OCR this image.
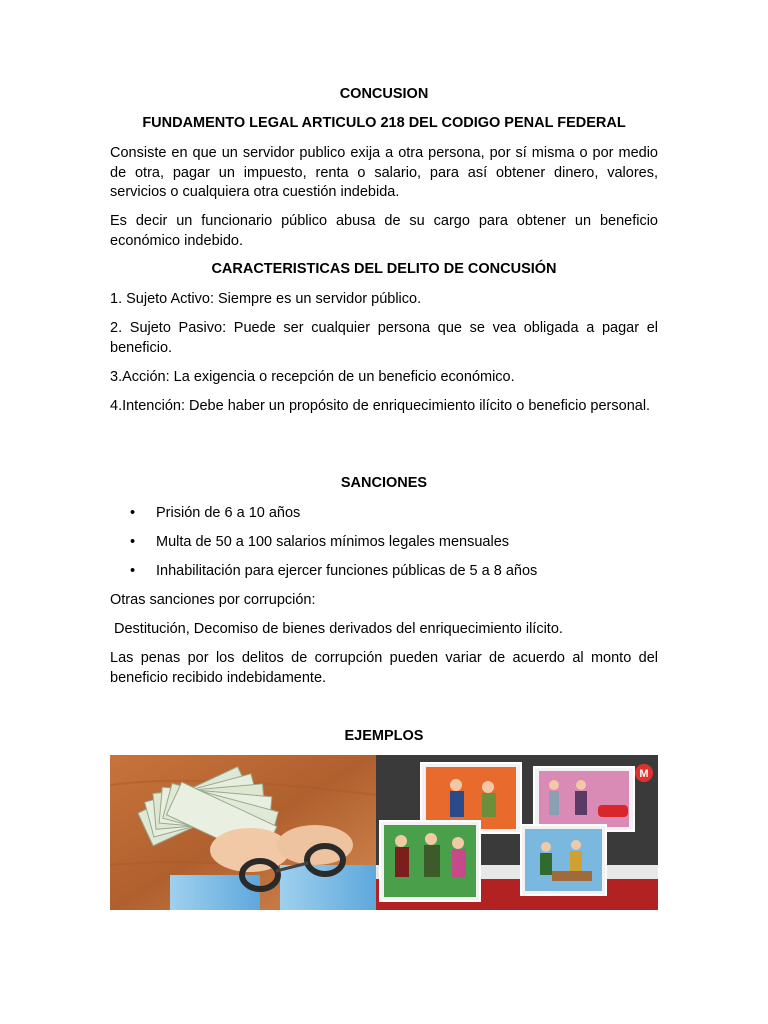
CONCUSION

FUNDAMENTO LEGAL ARTICULO 218 DEL CODIGO PENAL FEDERAL

Consiste en que un servidor publico exija a otra persona, por sí misma o por medio de otra, pagar un impuesto, renta o salario, para así obtener dinero, valores, servicios o cualquiera otra cuestión indebida.

Es decir un funcionario público abusa de su cargo para obtener un beneficio económico indebido.

CARACTERISTICAS DEL DELITO DE CONCUSIÓN

1. Sujeto Activo: Siempre es un servidor público.

2. Sujeto Pasivo: Puede ser cualquier persona que se vea obligada a pagar el beneficio.

3.Acción: La exigencia o recepción de un beneficio económico.

4.Intención: Debe haber un propósito de enriquecimiento ilícito o beneficio personal.

SANCIONES

• Prisión de 6 a 10 años
• Multa de 50 a 100 salarios mínimos legales mensuales
• Inhabilitación para ejercer funciones públicas de 5 a 8 años

Otras sanciones por corrupción:

Destitución, Decomiso de bienes derivados del enriquecimiento ilícito.

Las penas por los delitos de corrupción pueden variar de acuerdo al monto del beneficio recibido indebidamente.

EJEMPLOS

M
